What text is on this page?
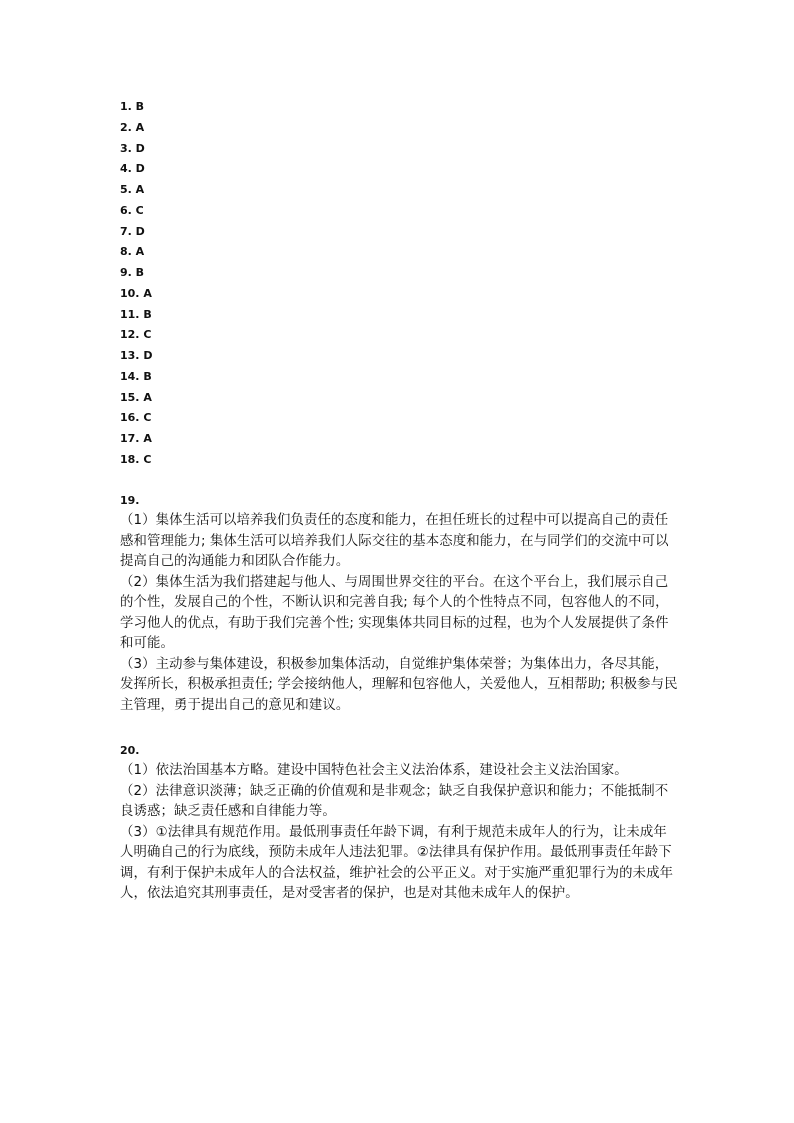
1. B
2. A
3. D
4. D
5. A
6. C
7. D
8. A
9. B
10. A
11. B
12. C
13. D
14. B
15. A
16. C
17. A
18. C
19.

（1）集体生活可以培养我们负责任的态度和能力，在担任班长的过程中可以提高自己的责任感和管理能力; 集体生活可以培养我们人际交往的基本态度和能力，在与同学们的交流中可以提高自己的沟通能力和团队合作能力。

（2）集体生活为我们搭建起与他人、与周围世界交往的平台。在这个平台上，我们展示自己的个性，发展自己的个性，不断认识和完善自我; 每个人的个性特点不同，包容他人的不同，学习他人的优点，有助于我们完善个性; 实现集体共同目标的过程，也为个人发展提供了条件和可能。

（3）主动参与集体建设，积极参加集体活动，自觉维护集体荣誉；为集体出力，各尽其能，发挥所长，积极承担责任; 学会接纳他人，理解和包容他人，关爱他人，互相帮助; 积极参与民主管理，勇于提出自己的意见和建议。

20.

（1）依法治国基本方略。建设中国特色社会主义法治体系，建设社会主义法治国家。

（2）法律意识淡薄；缺乏正确的价值观和是非观念；缺乏自我保护意识和能力；不能抵制不良诱惑；缺乏责任感和自律能力等。

（3）①法律具有规范作用。最低刑事责任年龄下调，有利于规范未成年人的行为，让未成年人明确自己的行为底线，预防未成年人违法犯罪。②法律具有保护作用。最低刑事责任年龄下调，有利于保护未成年人的合法权益，维护社会的公平正义。对于实施严重犯罪行为的未成年人，依法追究其刑事责任，是对受害者的保护，也是对其他未成年人的保护。
